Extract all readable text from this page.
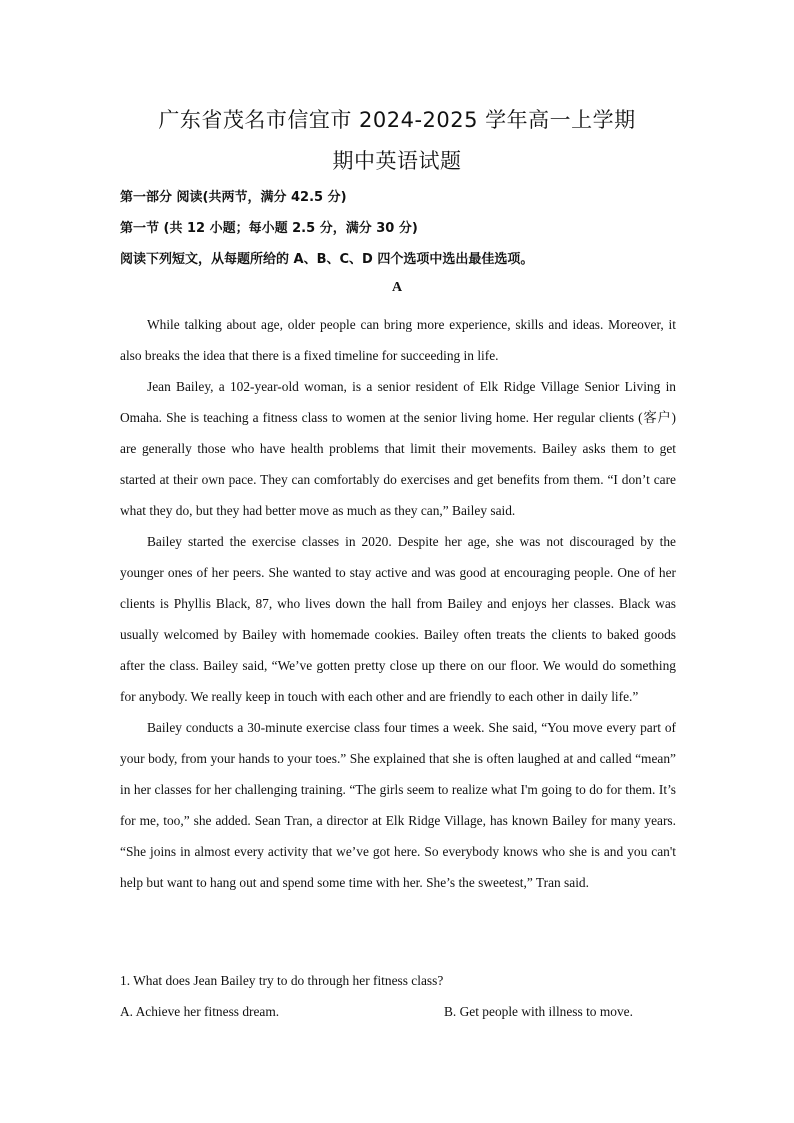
广东省茂名市信宜市 2024-2025 学年高一上学期
期中英语试题
第一部分 阅读(共两节，满分 42.5 分)
第一节 (共 12 小题；每小题 2.5 分，满分 30 分)
阅读下列短文，从每题所给的 A、B、C、D 四个选项中选出最佳选项。
A

While talking about age, older people can bring more experience, skills and ideas. Moreover, it also breaks the idea that there is a fixed timeline for succeeding in life.

Jean Bailey, a 102-year-old woman, is a senior resident of Elk Ridge Village Senior Living in Omaha. She is teaching a fitness class to women at the senior living home. Her regular clients (客户) are generally those who have health problems that limit their movements. Bailey asks them to get started at their own pace. They can comfortably do exercises and get benefits from them. “I don’t care what they do, but they had better move as much as they can,” Bailey said.

Bailey started the exercise classes in 2020. Despite her age, she was not discouraged by the younger ones of her peers. She wanted to stay active and was good at encouraging people. One of her clients is Phyllis Black, 87, who lives down the hall from Bailey and enjoys her classes. Black was usually welcomed by Bailey with homemade cookies. Bailey often treats the clients to baked goods after the class. Bailey said, “We’ve gotten pretty close up there on our floor. We would do something for anybody. We really keep in touch with each other and are friendly to each other in daily life.”

Bailey conducts a 30-minute exercise class four times a week. She said, “You move every part of your body, from your hands to your toes.” She explained that she is often laughed at and called “mean” in her classes for her challenging training. “The girls seem to realize what I'm going to do for them. It’s for me, too,” she added. Sean Tran, a director at Elk Ridge Village, has known Bailey for many years. “She joins in almost every activity that we’ve got here. So everybody knows who she is and you can't help but want to hang out and spend some time with her. She’s the sweetest,” Tran said.

1. What does Jean Bailey try to do through her fitness class?

A. Achieve her fitness dream.	B. Get people with illness to move.
